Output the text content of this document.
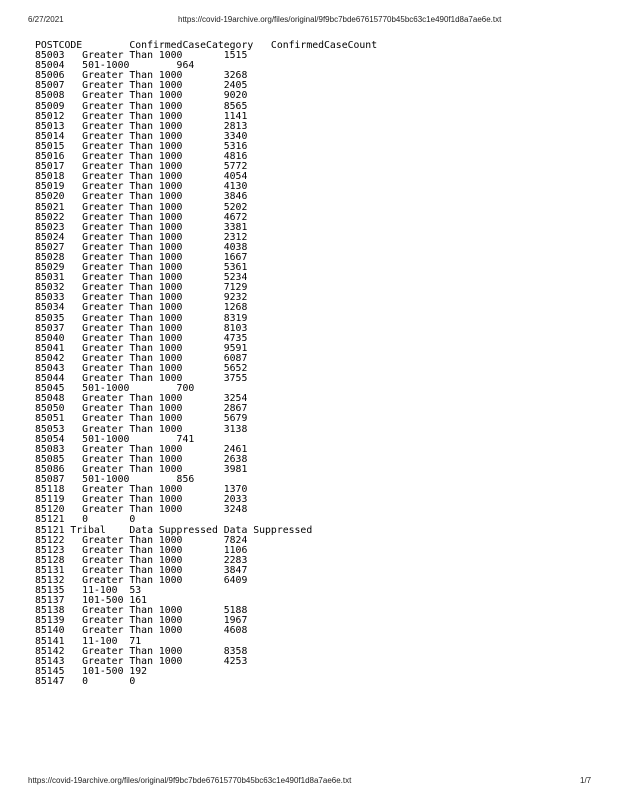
6/27/2021	https://covid-19archive.org/files/original/9f9bc7bde67615770b45bc63c1e490f1d8a7ae6e.txt
POSTCODE        ConfirmedCaseCategory   ConfirmedCaseCount
85003   Greater Than 1000       1515
85004   501-1000        964
85006   Greater Than 1000       3268
85007   Greater Than 1000       2405
85008   Greater Than 1000       9020
85009   Greater Than 1000       8565
85012   Greater Than 1000       1141
85013   Greater Than 1000       2813
85014   Greater Than 1000       3340
85015   Greater Than 1000       5316
85016   Greater Than 1000       4816
85017   Greater Than 1000       5772
85018   Greater Than 1000       4054
85019   Greater Than 1000       4130
85020   Greater Than 1000       3846
85021   Greater Than 1000       5202
85022   Greater Than 1000       4672
85023   Greater Than 1000       3381
85024   Greater Than 1000       2312
85027   Greater Than 1000       4038
85028   Greater Than 1000       1667
85029   Greater Than 1000       5361
85031   Greater Than 1000       5234
85032   Greater Than 1000       7129
85033   Greater Than 1000       9232
85034   Greater Than 1000       1268
85035   Greater Than 1000       8319
85037   Greater Than 1000       8103
85040   Greater Than 1000       4735
85041   Greater Than 1000       9591
85042   Greater Than 1000       6087
85043   Greater Than 1000       5652
85044   Greater Than 1000       3755
85045   501-1000        700
85048   Greater Than 1000       3254
85050   Greater Than 1000       2867
85051   Greater Than 1000       5679
85053   Greater Than 1000       3138
85054   501-1000        741
85083   Greater Than 1000       2461
85085   Greater Than 1000       2638
85086   Greater Than 1000       3981
85087   501-1000        856
85118   Greater Than 1000       1370
85119   Greater Than 1000       2033
85120   Greater Than 1000       3248
85121   0       0
85121 Tribal    Data Suppressed Data Suppressed
85122   Greater Than 1000       7824
85123   Greater Than 1000       1106
85128   Greater Than 1000       2283
85131   Greater Than 1000       3847
85132   Greater Than 1000       6409
85135   11-100  53
85137   101-500 161
85138   Greater Than 1000       5188
85139   Greater Than 1000       1967
85140   Greater Than 1000       4608
85141   11-100  71
85142   Greater Than 1000       8358
85143   Greater Than 1000       4253
85145   101-500 192
85147   0       0
https://covid-19archive.org/files/original/9f9bc7bde67615770b45bc63c1e490f1d8a7ae6e.txt	1/7
